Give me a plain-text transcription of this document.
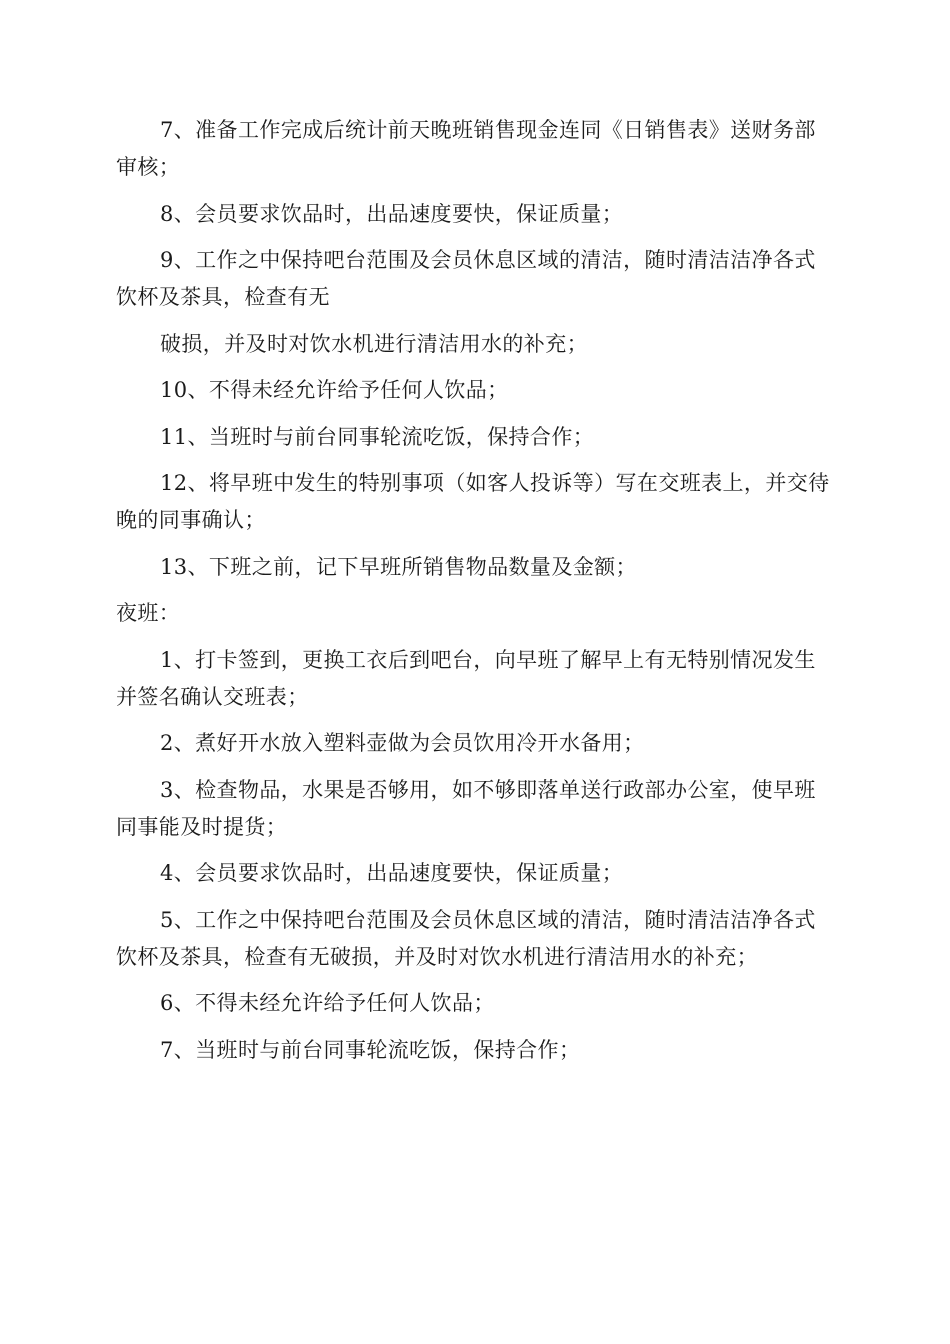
7、准备工作完成后统计前天晚班销售现金连同《日销售表》送财务部审核；

8、会员要求饮品时，出品速度要快，保证质量；

9、工作之中保持吧台范围及会员休息区域的清洁，随时清洁洁净各式饮杯及茶具，检查有无

破损，并及时对饮水机进行清洁用水的补充；

10、不得未经允许给予任何人饮品；

11、当班时与前台同事轮流吃饭，保持合作；

12、将早班中发生的特别事项（如客人投诉等）写在交班表上，并交待晚的同事确认；

13、下班之前，记下早班所销售物品数量及金额；

夜班：

1、打卡签到，更换工衣后到吧台，向早班了解早上有无特别情况发生并签名确认交班表；

2、煮好开水放入塑料壶做为会员饮用冷开水备用；

3、检查物品，水果是否够用，如不够即落单送行政部办公室，使早班同事能及时提货；

4、会员要求饮品时，出品速度要快，保证质量；

5、工作之中保持吧台范围及会员休息区域的清洁，随时清洁洁净各式饮杯及茶具，检查有无破损，并及时对饮水机进行清洁用水的补充；

6、不得未经允许给予任何人饮品；

7、当班时与前台同事轮流吃饭，保持合作；
